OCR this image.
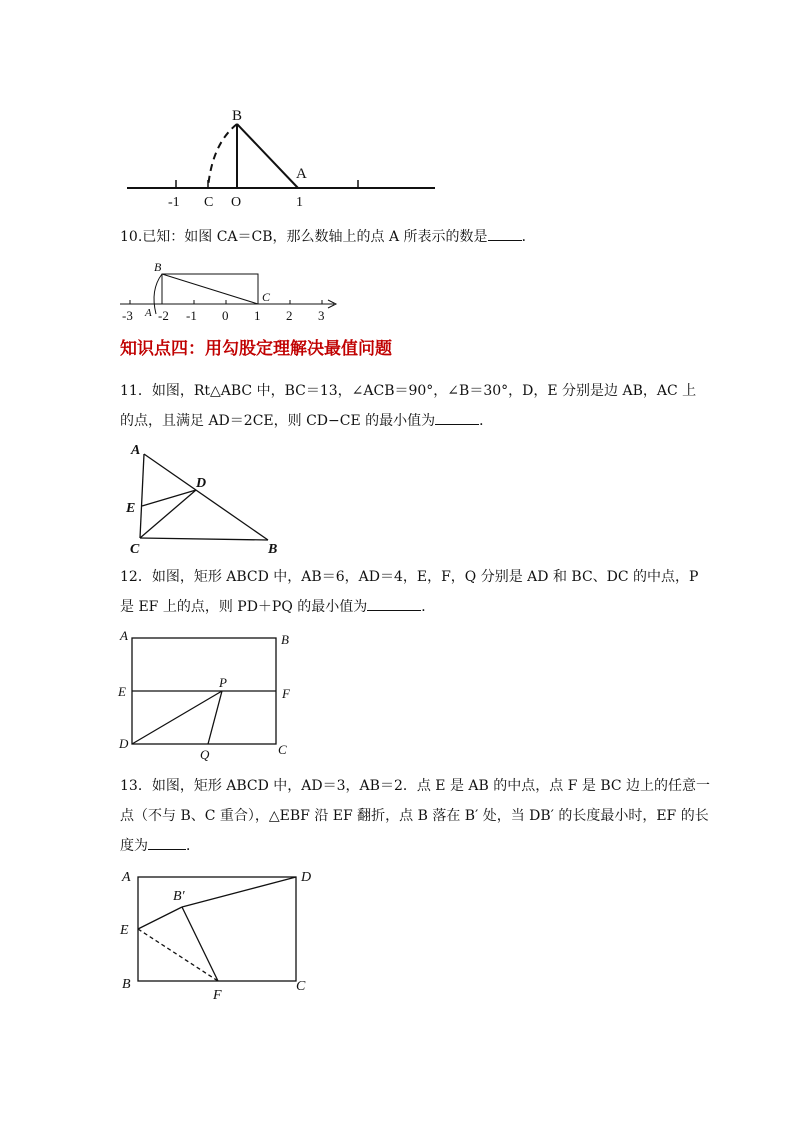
B
A
-1 C O	1
10.已知：如图 CA＝CB，那么数轴上的点 A 所表示的数是 ．
B
C
A
-3 -2 -1 0 1 2 3
知识点四：用勾股定理解决最值问题
11．如图，Rt△ABC 中，BC＝13，∠ACB＝90°，∠B＝30°，D，E 分别是边 AB，AC 上
的点，且满足 AD＝2CE，则 CD−CE 的最小值为	．
A
D
E
C	B
12．如图，矩形 ABCD 中，AB＝6，AD＝4，E，F，Q 分别是 AD 和 BC、DC 的中点，P
是 EF 上的点，则 PD＋PQ 的最小值为	．
A	B
E
P
F
D
Q	C
13．如图，矩形 ABCD 中，AD＝3，AB＝2．点 E 是 AB 的中点，点 F 是 BC 边上的任意一
点（不与 B、C 重合），△EBF 沿 EF 翻折，点 B 落在 B′ 处，当 DB′ 的长度最小时，EF 的长
度为	．
A	D
B′
E
B
F
C
